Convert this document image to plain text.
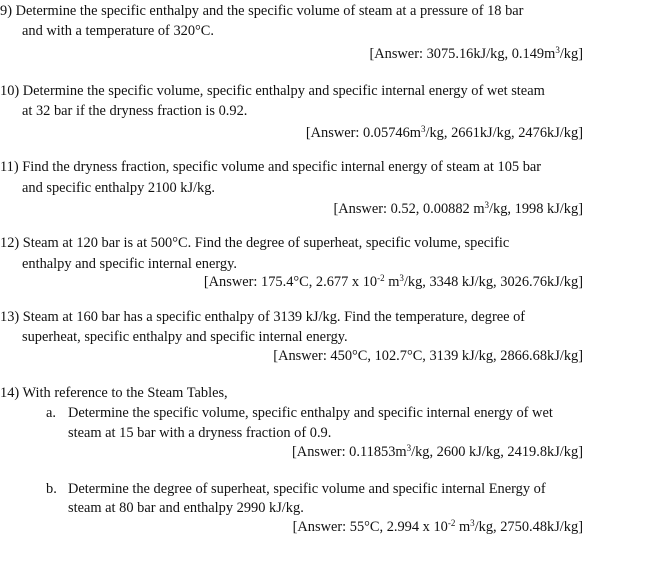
9) Determine the specific enthalpy and the specific volume of steam at a pressure of 18 bar
and with a temperature of 320°C.
[Answer: 3075.16kJ/kg, $0.149m^3/kg$]
10) Determine the specific volume, specific enthalpy and specific internal energy of wet steam
at 32 bar if the dryness fraction is 0.92.
[Answer: $0.05746m^3/kg$, 2661kJ/kg, 2476kJ/kg]
11) Find the dryness fraction, specific volume and specific internal energy of steam at 105 bar
and specific enthalpy 2100 kJ/kg.
[Answer: 0.52, 0.00882 $m^3/kg$, 1998 kJ/kg]
12) Steam at 120 bar is at 500°C. Find the degree of superheat, specific volume, specific
enthalpy and specific internal energy.
[Answer: 175.4°C, 2.677 x $10^{-2}$ $m^3/kg$, 3348 kJ/kg, 3026.76kJ/kg]
13) Steam at 160 bar has a specific enthalpy of 3139 kJ/kg. Find the temperature, degree of
superheat, specific enthalpy and specific internal energy.
[Answer: 450°C, 102.7°C, 3139 kJ/kg, 2866.68kJ/kg]
14) With reference to the Steam Tables,
a. Determine the specific volume, specific enthalpy and specific internal energy of wet
steam at 15 bar with a dryness fraction of 0.9.
[Answer: $0.11853m^3/kg$, 2600 kJ/kg, 2419.8kJ/kg]
b. Determine the degree of superheat, specific volume and specific internal Energy of
steam at 80 bar and enthalpy 2990 kJ/kg.
[Answer: 55°C, 2.994 x $10^{-2}$ $m^3/kg$, 2750.48kJ/kg]
